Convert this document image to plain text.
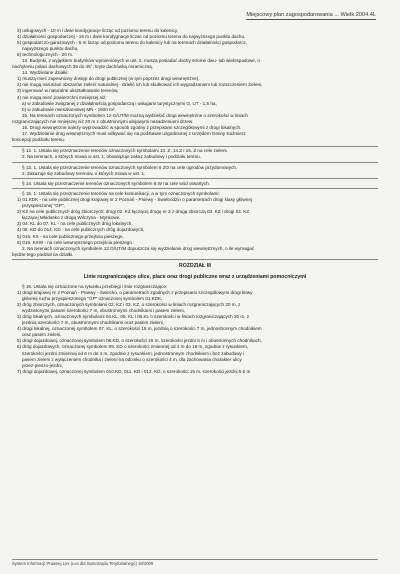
Miejscowy plan zagospodarowania ... Wielk 2004.4L
3) usługowych - 10 m i dwie kondygnacje licząc od poziomu terenu do kalenicy,
4) działalności gospodarczej - 15 m i dwie kondygnacje liczac od poziomu terenu do najwyższego punktu dachu,
5) gospodarczo-garażowych - 6 m licząc od poziomu terenu do kalenicy lub na terenach działalności gospodarcz,
najwyższego punktu dachu,
6) technologicznych - 20 m.
13. Budynki, z wyjątkiem budynków wymienionych w ust. 2, muszą posiadać dachy strome dwu- lub wielospadowe, o
nachyleniu połaci dachowych 35 do 45°, kryte dachówką ceramiczną.
14. Wydzielane działki:
1) muszą mieć zapewniony dostęp do drogi publicznej (w tym poprzez drogi wewnętrzne),
2) nie mogą naruszać obszarów zieleni naturalnej - dzielić ich lub skutkować ich wygradzaniem lub rozszczeniem zieleni,
3) ingerować w naturalne ukształtowanie terenów,
4) nie mogą mieć powierzchni mniejszej niż:
a) w zabudowie związanej z działalnością gospodarczą i usługami turystycznymi G, UT - 1,5 ha,
b) w zabudowie mieszkaniowej MN - 1500 m².
15. Na terenach oznaczonych symbolem 12.G/UT/M możną wydzielać drogi wewnętrzne o szerokości w liniach
rozgraniczających nie mniejszej niż 20 m z obustronnymi alejowymi nasadzeniami drzew.
16. Drogi wewnętrzne należy wyprowadzić w sposób zgodny z przepisami szczegółowymi z drogi lokalnych.
17. Wydzielanie drog wewnętrznych musi odbywać się na podstawie uzgodnionej z Urzędem Gminy Kaźmierz
koncepcji podziału terenu.
§ 12. 1. Ustala się przeznaczenie terenów oznaczonych symbolami 13. Z, 14.Z i 15. Z na cele zieleni.
2. Na terenach, o których mowa w ust. 1, obowiązuje zakaz zabudowy i podziału terenu.
§ 13. 1. Ustala się przeznaczenie terenów oznaczonych symbolem 6 ZO na cele ogrodów przydomowych.
2. Zakazuje się zabudowy terenów, o których mowa w ust. 1.
§ 14. Ustala się przeznaczenie terenów oznaczonych symbolem 9.W na cele wód otwartych.
§ 15. 1. Ustala się przeznaczenie terenów na cele komunikacji, a w tym oznaczonych symbolami:
1) 01.KDK - na cele publicznej drogi krajowej nr 2 Poznań - Pniewy - Świebodzin o parametrach drogi klasy głównej
przyspieszonej "GP",
2) KZ na cele publicznych dróg zbiorczych: drogi 02. KZ łączącej drogę nr 2 z drogą zbiorczą 03. KZ i drogi 03. KZ
łączącej Młodasko z drogą Wilczyna - Mynkowe,
3) 04. KL do 07. KL - na cele publicznych dróg lokalnych,
4) 08. KD do 014. KD - na cele publicznych dróg dojazdowych,
5) 015. KX - na cele publicznego przejścia pieszego,
6) 016. KXW - na cele wewnętrznego przejścia pieszego.
2. Na terenach oznaczonych symbolem 12.G/UT/M dopuszcza się wydzielanie drog wewnętrznych, o ile wymagać
będzie tego podział na działki.
ROZDZIAŁ III
Linie rozgraniczające ulice, place oraz drogi publiczne wraz z urządzeniami pomocniczymi
§ 16. Ustala się oznaczone na rysunku przebiegi i linie rozgraniczające:
1) drogi krajowej nr 2 Poznań - Pniewy - Świecko, o parametrach zgodnych z przepisami szczegółowymi drogi klasy
głównej ruchu przyspieszonego "GP" oznaczonej symbolem 01.KDK,
2) dróg zbiorczych, oznaczonych symbolami 02. KZ i 03. KZ, o szerokości w liniach rozgraniczających 20 m, z
wydzielonymi pasami szerokości 7 m, obustronnymi chodnikami i pasem zieleni,
3) dróg lokalnych, oznaczonych symbolami 04.KL, 05. KL i 06.KL o szerokości w liniach rozgraniczających 20 m, z
jezdnią szerokości 7 m, obustronnymi chodnikami oraz pasem zieleni,
4) drogi lokalnej, oznaczonej symbolem 07. KL, o szerokości 15 m, jezdnią o szerokości 7 m, jednostronnym chodnikiem
oraz pasem zieleni,
5) drogi dojazdowej, oznaczonej symbolem 08.KD, o szerokości 15 m, szerokości jezdni 6 m i obustronnych chodnikach,
6) dróg dojazdowych, oznaczonej symbolem 09. KD o szerokości zmiennej od 4 m do 18 m, zgodnie z rysunkiem,
szerokości jezdni zmiennej od 6 m do 4 m, zgodnie z rysunkiem, jednostronnym chodnikiem i bez zabudowy i
pasem zieleni z wyłączeniem chodnika i zieleni na odcinku o szerokości 4 m, dla zachowania charakter ulicy
przez-pieszo-jezdni,
7) drogi dojazdowej, oznaczonej symbolem 010.KD, 011. KD i 012. KD, o szerokości 15 m, szerokości jezdni 5,5 m
System Informacji Prawnej Lex (Lex dla Samorządu Terytorialnego) 18/2009
